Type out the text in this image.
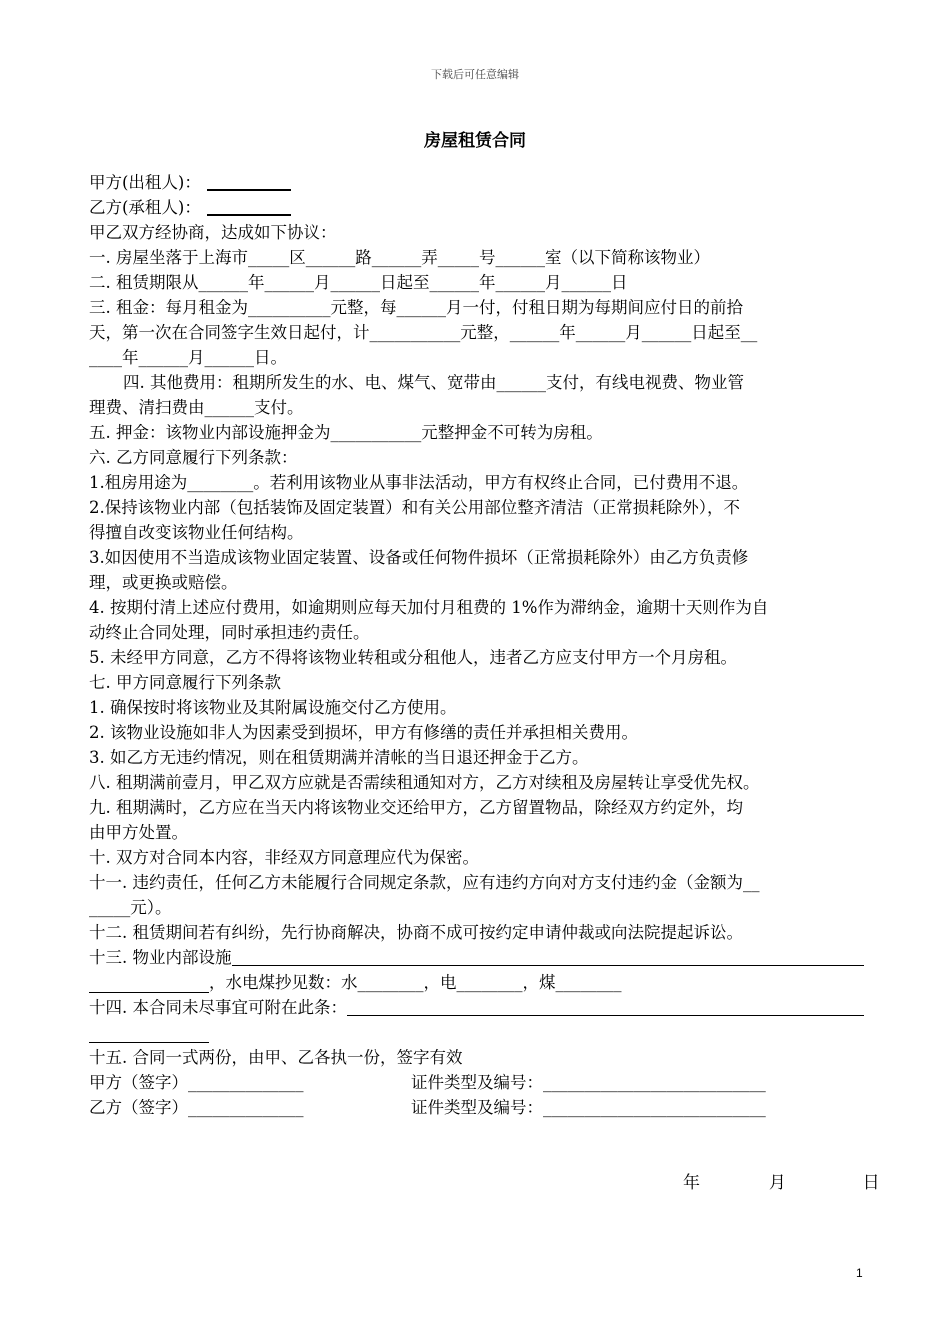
下载后可任意编辑
房屋租赁合同
甲方(出租人)：
乙方(承租人)：
甲乙双方经协商，达成如下协议：
一. 房屋坐落于上海市_____区______路______弄_____号______室（以下简称该物业）
二. 租赁期限从______年______月______日起至______年______月______日
三. 租金：每月租金为__________元整，每______月一付，付租日期为每期间应付日的前拾
天，第一次在合同签字生效日起付，计___________元整，______年______月______日起至__
____年______月______日。
四. 其他费用：租期所发生的水、电、煤气、宽带由______支付，有线电视费、物业管
理费、清扫费由______支付。
五. 押金：该物业内部设施押金为___________元整押金不可转为房租。
六. 乙方同意履行下列条款：
1.租房用途为________。若利用该物业从事非法活动，甲方有权终止合同，已付费用不退。
2.保持该物业内部（包括装饰及固定装置）和有关公用部位整齐清洁（正常损耗除外），不
得擅自改变该物业任何结构。
3.如因使用不当造成该物业固定装置、设备或任何物件损坏（正常损耗除外）由乙方负责修
理，或更换或赔偿。
4. 按期付清上述应付费用，如逾期则应每天加付月租费的 1%作为滞纳金，逾期十天则作为自
动终止合同处理，同时承担违约责任。
5. 未经甲方同意，乙方不得将该物业转租或分租他人，违者乙方应支付甲方一个月房租。
七. 甲方同意履行下列条款
1. 确保按时将该物业及其附属设施交付乙方使用。
2. 该物业设施如非人为因素受到损坏，甲方有修缮的责任并承担相关费用。
3. 如乙方无违约情况，则在租赁期满并清帐的当日退还押金于乙方。
八. 租期满前壹月，甲乙双方应就是否需续租通知对方，乙方对续租及房屋转让享受优先权。
九. 租期满时，乙方应在当天内将该物业交还给甲方，乙方留置物品，除经双方约定外，均
由甲方处置。
十. 双方对合同本内容，非经双方同意理应代为保密。
十一. 违约责任，任何乙方未能履行合同规定条款，应有违约方向对方支付违约金（金额为__
_____元）。
十二. 租赁期间若有纠纷，先行协商解决，协商不成可按约定申请仲裁或向法院提起诉讼。
十三. 物业内部设施
，水电煤抄见数：水________，电________，煤________
十四. 本合同未尽事宜可附在此条：
十五. 合同一式两份，由甲、乙各执一份，签字有效
甲方（签字）______________	证件类型及编号：___________________________
乙方（签字）______________	证件类型及编号：___________________________
年	月	日
1
